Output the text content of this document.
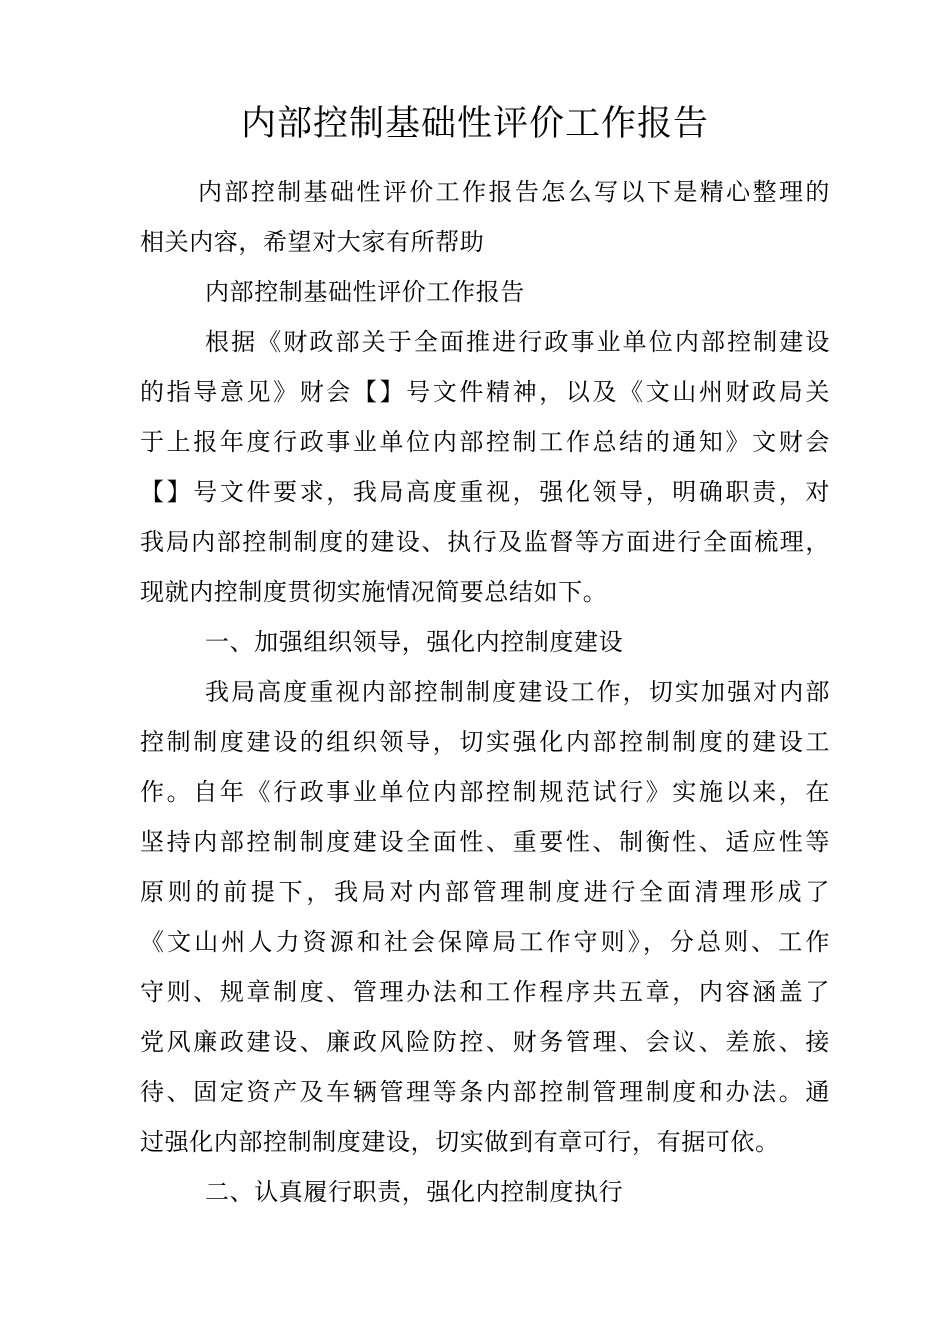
内部控制基础性评价工作报告
内部控制基础性评价工作报告怎么写以下是精心整理的
相关内容，希望对大家有所帮助
内部控制基础性评价工作报告
根据《财政部关于全面推进行政事业单位内部控制建设
的指导意见》财会【】号文件精神，以及《文山州财政局关
于上报年度行政事业单位内部控制工作总结的通知》文财会
【】号文件要求，我局高度重视，强化领导，明确职责，对
我局内部控制制度的建设、执行及监督等方面进行全面梳理，
现就内控制度贯彻实施情况简要总结如下。
一、加强组织领导，强化内控制度建设
我局高度重视内部控制制度建设工作，切实加强对内部
控制制度建设的组织领导，切实强化内部控制制度的建设工
作。自年《行政事业单位内部控制规范试行》实施以来，在
坚持内部控制制度建设全面性、重要性、制衡性、适应性等
原则的前提下，我局对内部管理制度进行全面清理形成了
《文山州人力资源和社会保障局工作守则》，分总则、工作
守则、规章制度、管理办法和工作程序共五章，内容涵盖了
党风廉政建设、廉政风险防控、财务管理、会议、差旅、接
待、固定资产及车辆管理等条内部控制管理制度和办法。通
过强化内部控制制度建设，切实做到有章可行，有据可依。
二、认真履行职责，强化内控制度执行
